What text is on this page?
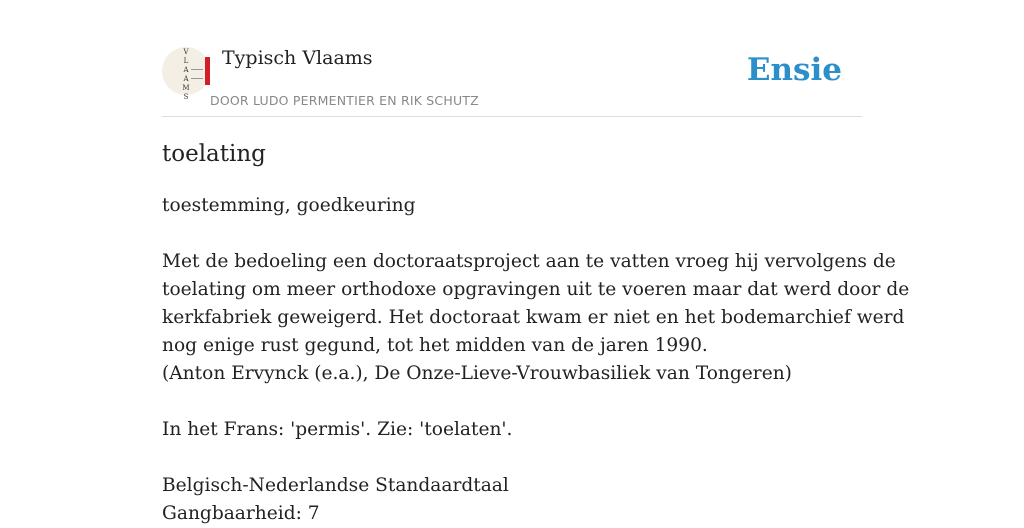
V
L
A
A
M
S
Typisch Vlaams
DOOR LUDO PERMENTIER EN RIK SCHUTZ
Ensie
toelating
toestemming, goedkeuring
Met de bedoeling een doctoraatsproject aan te vatten vroeg hij vervolgens de
toelating om meer orthodoxe opgravingen uit te voeren maar dat werd door de
kerkfabriek geweigerd. Het doctoraat kwam er niet en het bodemarchief werd
nog enige rust gegund, tot het midden van de jaren 1990.
(Anton Ervynck (e.a.), De Onze-Lieve-Vrouwbasiliek van Tongeren)
In het Frans: 'permis'. Zie: 'toelaten'.
Belgisch-Nederlandse Standaardtaal
Gangbaarheid: 7
